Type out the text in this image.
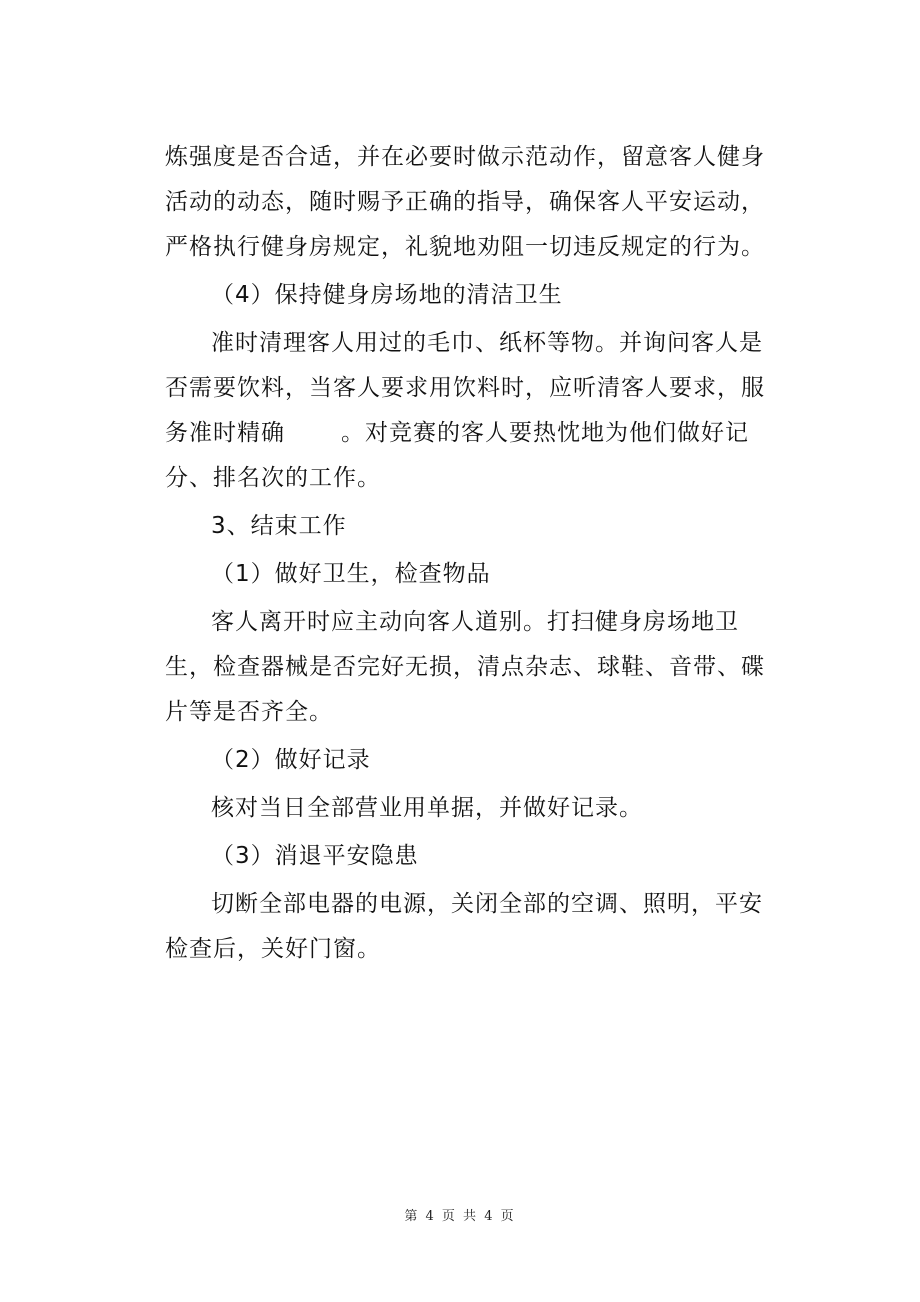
炼强度是否合适，并在必要时做示范动作，留意客人健身活动的动态，随时赐予正确的指导，确保客人平安运动，严格执行健身房规定，礼貌地劝阻一切违反规定的行为。

（4）保持健身房场地的清洁卫生

准时清理客人用过的毛巾、纸杯等物。并询问客人是否需要饮料，当客人要求用饮料时，应听清客人要求，服务准时精确 。对竞赛的客人要热忱地为他们做好记分、排名次的工作。

3、结束工作

（1）做好卫生，检查物品

客人离开时应主动向客人道别。打扫健身房场地卫生，检查器械是否完好无损，清点杂志、球鞋、音带、碟片等是否齐全。

（2）做好记录

核对当日全部营业用单据，并做好记录。

（3）消退平安隐患

切断全部电器的电源，关闭全部的空调、照明，平安检查后，关好门窗。

第 4 页 共 4 页
